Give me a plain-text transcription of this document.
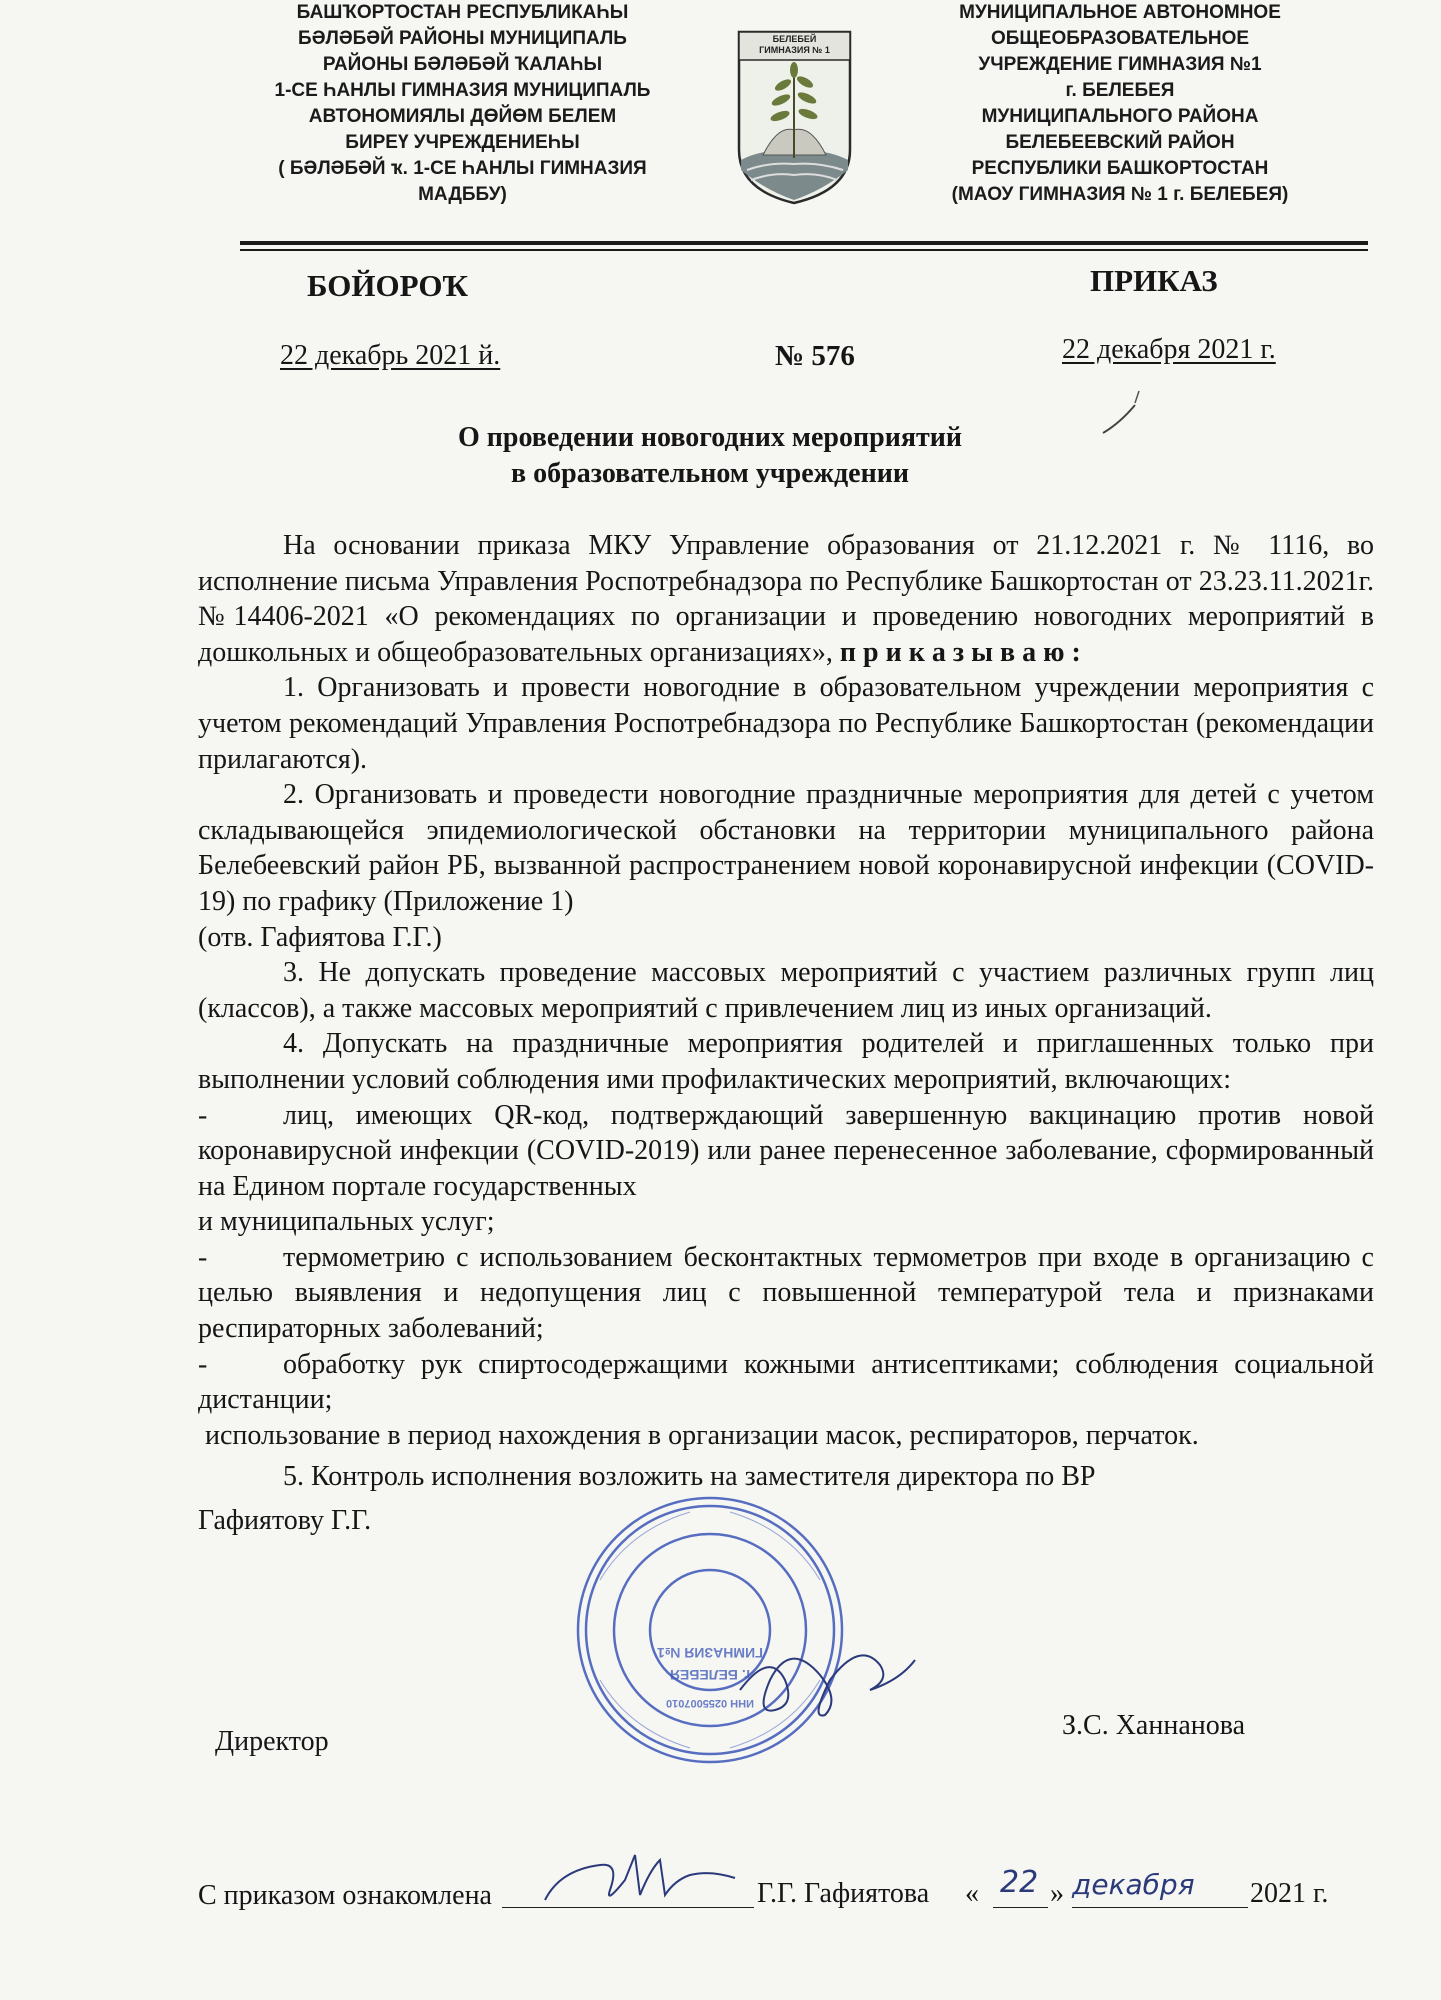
БАШҠОРТОСТАН РЕСПУБЛИКАҺЫ
БӘЛӘБӘЙ РАЙОНЫ МУНИЦИПАЛЬ
РАЙОНЫ БӘЛӘБӘЙ ҠАЛАҺЫ
1-СЕ ҺАНЛЫ ГИМНАЗИЯ МУНИЦИПАЛЬ
АВТОНОМИЯЛЫ ДӨЙӨМ БЕЛЕМ
БИРЕҮ УЧРЕЖДЕНИЕҺЫ
( БӘЛӘБӘЙ ҡ. 1-СЕ ҺАНЛЫ ГИМНАЗИЯ
МАДББУ)
БЕЛЕБЕЙ
ГИМНАЗИЯ № 1
МУНИЦИПАЛЬНОЕ АВТОНОМНОЕ
ОБЩЕОБРАЗОВАТЕЛЬНОЕ
УЧРЕЖДЕНИЕ ГИМНАЗИЯ №1
г. БЕЛЕБЕЯ
МУНИЦИПАЛЬНОГО РАЙОНА
БЕЛЕБЕЕВСКИЙ РАЙОН
РЕСПУБЛИКИ БАШКОРТОСТАН
(МАОУ ГИМНАЗИЯ № 1 г. БЕЛЕБЕЯ)
БОЙОРОҠ	ПРИКАЗ
22 декабрь 2021 й.	№ 576	22 декабря 2021 г.
О проведении новогодних мероприятий
в образовательном учреждении

На основании приказа МКУ Управление образования от 21.12.2021 г. № 1116, во исполнение письма Управления Роспотребнадзора по Республике Башкортостан от 23.23.11.2021г. №14406-2021 «О рекомендациях по организации и проведению новогодних мероприятий в дошкольных и общеобразовательных организациях», п р и к а з ы в а ю :

1. Организовать и провести новогодние в образовательном учреждении мероприятия с учетом рекомендаций Управления Роспотребнадзора по Республике Башкортостан (рекомендации прилагаются).

2. Организовать и проведести новогодние праздничные мероприятия для детей с учетом складывающейся эпидемиологической обстановки на территории муниципального района Белебеевский район РБ, вызванной распространением новой коронавирусной инфекции (COVID-19) по графику (Приложение 1)

(отв. Гафиятова Г.Г.)

3. Не допускать проведение массовых мероприятий с участием различных групп лиц (классов), а также массовых мероприятий с привлечением лиц из иных организаций.

4. Допускать на праздничные мероприятия родителей и приглашенных только при выполнении условий соблюдения ими профилактических мероприятий, включающих:

-	лиц, имеющих QR-код, подтверждающий завершенную вакцинацию против новой коронавирусной инфекции (COVID-2019) или ранее перенесенное заболевание, сформированный на Едином портале государственных

и муниципальных услуг;

-	термометрию с использованием бесконтактных термометров при входе в организацию с целью выявления и недопущения лиц с повышенной температурой тела и признаками респираторных заболеваний;

-	обработку рук спиртосодержащими кожными антисептиками; соблюдения социальной дистанции;

использование в период нахождения в организации масок, респираторов, перчаток.

5. Контроль исполнения возложить на заместителя директора по ВР

Гафиятову Г.Г.

ГИМНАЗИЯ №1
г. БЕЛЕБЕЯ
ИНН 0255007010
Директор
З.С. Ханнанова
С приказом ознакомлена	Г.Г. Гафиятова « 22 » декабря 2021 г.
